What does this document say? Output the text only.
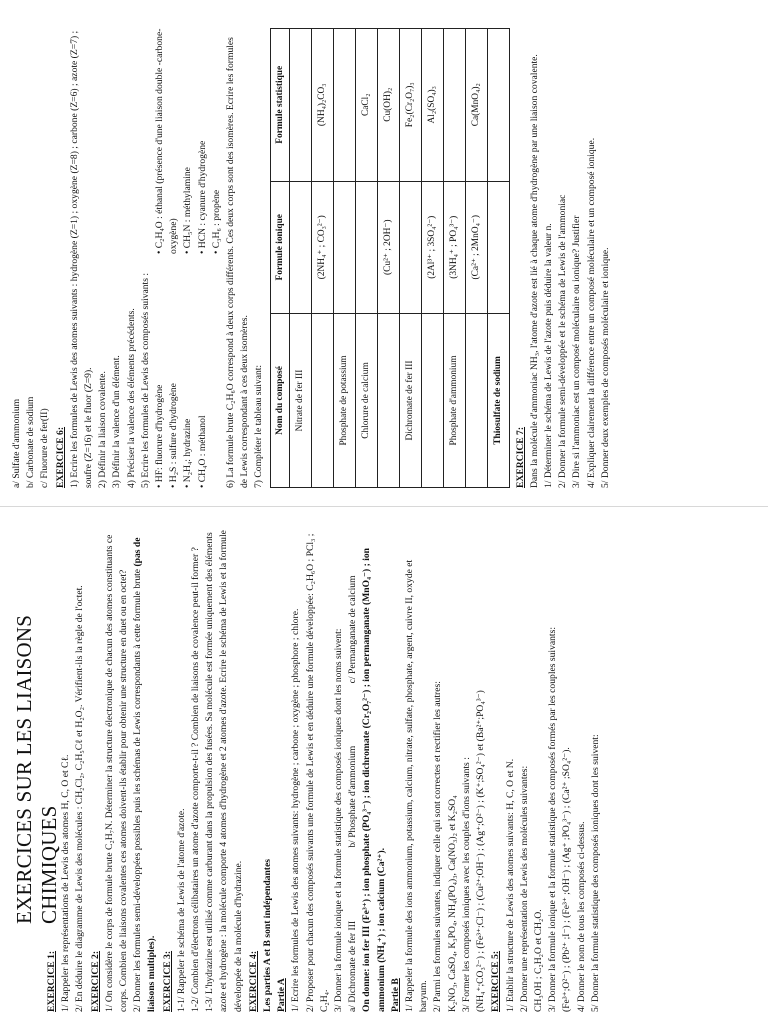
EXERCICES SUR LES LIAISONS CHIMIQUES

EXERCICE 1: 1/ Rappeler les représentations de Lewis des atomes H, C, O et Cℓ. 2/ En déduire le diagramme de Lewis des molécules : CH₂Cl₂, C₂H₅Cℓ et H₂O₂. Vérifient-ils la règle de l'octet. EXERCICE 2: 1/ On considère le corps de formule brute C₂H₇N. Déterminer la structure électronique de chacun des atomes constituants ce corps. Combien de liaisons covalentes ces atomes doivent-ils établir pour obtenir une structure en duet ou en octet? 2/ Donner les formules semi-développées possibles puis les schémas de Lewis correspondants à cette formule brute (pas de liaisons multiples). EXERCICE 3: 1-1/ Rappeler le schéma de Lewis de l'atome d'azote. 1-2/ Combien d'électrons célibataires un atome d'azote comporte-t-il ? Combien de liaisons de covalence peut-il former ? 1-3/ L'hydrazine est utilisé comme carburant dans la propulsion des fusées. Sa molécule est formée uniquement des éléments azote et hydrogène : la molécule comporte 4 atomes d'hydrogène et 2 atomes d'azote. Ecrire le schéma de Lewis et la formule développée de la molécule d'hydrazine. EXERCICE 4: Les parties A et B sont indépendantes Partie A 1/ Ecrire les formules de Lewis des atomes suivants: hydrogène ; carbone ; oxygène ; phosphore ; chlore. 2/ Proposer pour chacun des composés suivants une formule de Lewis et en déduire une formule développée: C₂H₆O ; PCl₃ ; C₂H₄. 3/ Donner la formule ionique et la formule statistique des composés ioniques dont les noms suivent: a/ Dichromate de fer III
b/ Phosphate d'ammonium
c/ Permanganate de calcium On donne: ion fer III (Fe³⁺) ; ion phosphate (PO₄³⁻) ; ion dichromate (Cr₂O₇²⁻) ; ion permanganate (MnO₄⁻) ; ion ammonium (NH₄⁺) ; ion calcium (Ca²⁺). Partie B 1/ Rappeler la formule des ions ammonium, potassium, calcium, nitrate, sulfate, phosphate, argent, cuivre II, oxyde et baryum. 2/ Parmi les formules suivantes, indiquer celle qui sont correctes et rectifier les autres: K₂NO₃, CaSO₄, K₃PO₄, NH₄(PO₄)₃, Ca(NO₃)₂ et K₂SO₄ 3/ Former les composés ioniques avec les couples d'ions suivants : (NH₄⁺;CO₃²⁻) ; (Fe³⁺;Cl⁻) ; (Cu²⁺;OH⁻) ; (Ag⁺;O²⁻) ; (K⁺;SO₄²⁻) et (Ba²⁺;PO₄³⁻) EXERCICE 5: 1/ Etablir la structure de Lewis des atomes suivants: H, C, O et N. 2/ Donner une représentation de Lewis des molécules suivantes: CH₃OH ; C₂H₂O et CH₂O. 3/ Donner la formule ionique et la formule statistique des composés formés par les couples suivants: (Fe³⁺;O²⁻) ; (Pb²⁺ ;I⁻) ; (Fe³⁺ ;OH⁻) ; (Ag⁺ ;PO₄³⁻) ; (Ca²⁺ ;SO₄²⁻). 4/ Donner le nom de tous les composés ci-dessus. 5/ Donner la formule statistique des composés ioniques dont les suivent:

a/ Sulfate d'ammonium b/ Carbonate de sodium c/ Fluorure de fer(II) EXERCICE 6: 1) Ecrire les formules de Lewis des atomes suivants : hydrogène (Z=1) ; oxygène (Z=8) ; carbone (Z=6) ; azote (Z=7) ; soufre (Z=16) et le fluor (Z=9). 2) Définir la liaison covalente. 3) Définir la valence d'un élément. 4) Préciser la valence des éléments précédents. 5) Ecrire les formules de Lewis des composés suivants : • HF: fluorure d'hydrogène

• H₂S : sulfure d'hydrogène

• N₂H₄: hydrazine

• CH₄O : méthanol

• C₂H₄O : éthanal (présence d'une liaison double -carbone-oxygène) • CH₅N : méthylamine

• HCN : cyanure d'hydrogène

• C₃H₆ : propène 6) La formule brute C₂H₆O correspond à deux corps différents. Ces deux corps sont des isomères. Ecrire les formules de Lewis correspondant à ces deux isomères. 7) Compléter le tableau suivant: Nom du composé	Formule ionique	Formule statistique
Nitrate de fer III		
	(2NH₄⁺ ; CO₃²⁻)	(NH₄)₂CO₃
Phosphate de potassium		
Chlorure de calcium		CaCl₂
	(Cu²⁺ ; 2OH⁻)	Cu(OH)₂
Dichromate de fer III		Fe₂(Cr₂O₇)₃
	(2Al³⁺ ; 3SO₄²⁻)	Al₂(SO₄)₃
Phosphate d'ammonium	(3NH₄⁺ ; PO₄³⁻)	
	(Ca²⁺ ; 2MnO₄⁻)	Ca(MnO₄)₂
Thiosulfate de sodium		

EXERCICE 7: Dans la molécule d'ammoniac NH₃, l'atome d'azote est lié à chaque atome d'hydrogène par une liaison covalente. 1/ Déterminer le schéma de Lewis de l'azote puis déduire la valeur n. 2/ Donner la formule semi-développée et le schéma de Lewis de l'ammoniac 3/ Dire si l'ammoniac est un composé moléculaire ou ionique? Justifier 4/ Expliquer clairement la différence entre un composé moléculaire et un composé ionique. 5/ Donner deux exemples de composés moléculaire et ionique.
